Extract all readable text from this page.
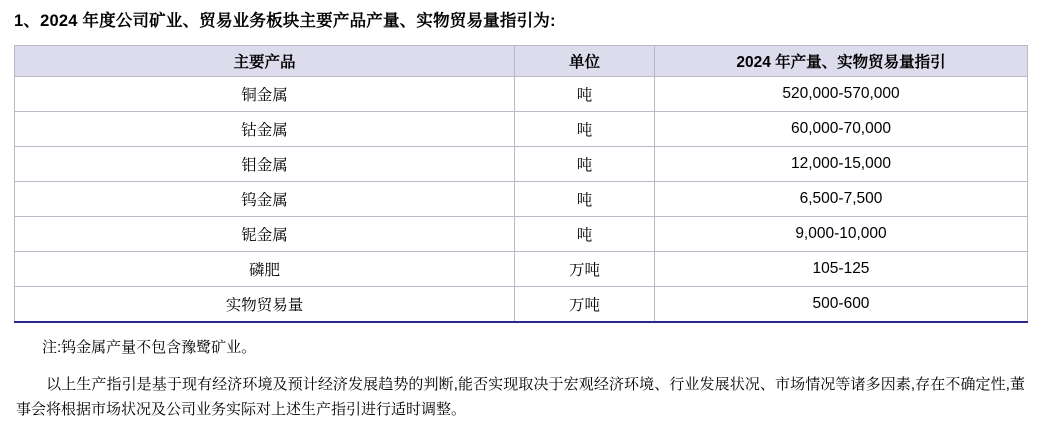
1、2024 年度公司矿业、贸易业务板块主要产品产量、实物贸易量指引为:
主要产品	单位	2024 年产量、实物贸易量指引
铜金属	吨	520,000-570,000
钴金属	吨	60,000-70,000
钼金属	吨	12,000-15,000
钨金属	吨	6,500-7,500
铌金属	吨	9,000-10,000
磷肥	万吨	105-125
实物贸易量	万吨	500-600
注:钨金属产量不包含豫鹭矿业。
以上生产指引是基于现有经济环境及预计经济发展趋势的判断,能否实现取决于宏观经济环境、行业发展状况、市场情况等诸多因素,存在不确定性,董事会将根据市场状况及公司业务实际对上述生产指引进行适时调整。
